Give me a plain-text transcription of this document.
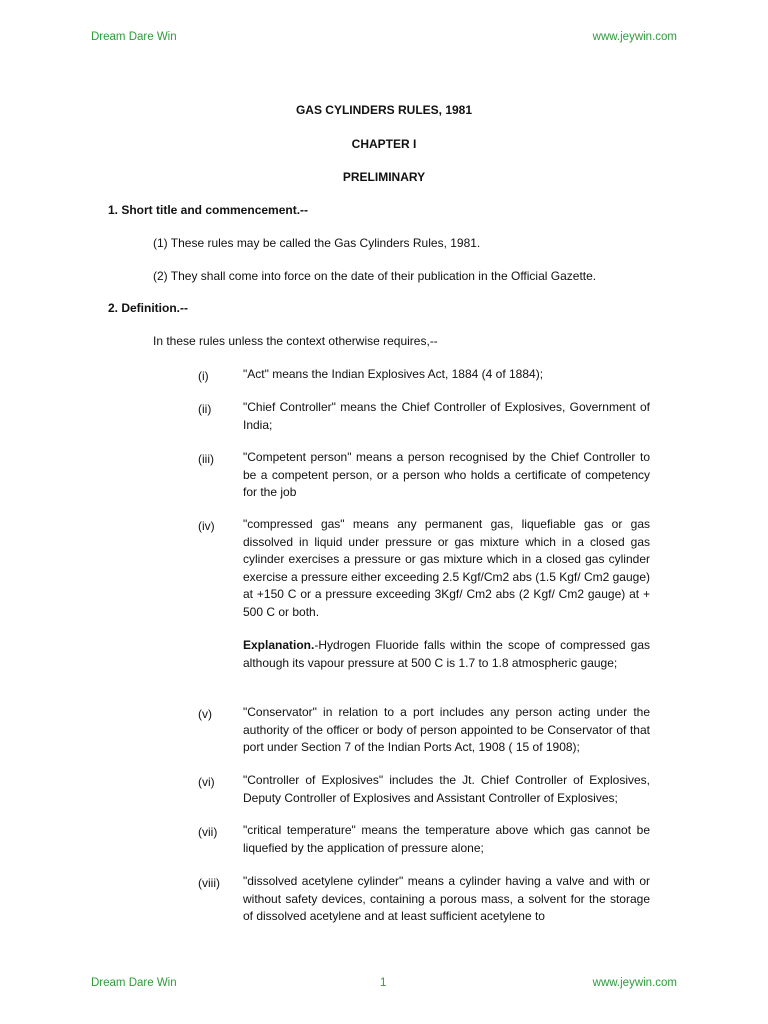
Dream Dare Win	www.jeywin.com
GAS CYLINDERS RULES, 1981
CHAPTER I
PRELIMINARY
1. Short title and commencement.--
(1) These rules may be called the Gas Cylinders Rules, 1981.
(2) They shall come into force on the date of their publication in the Official Gazette.
2. Definition.--
In these rules unless the context otherwise requires,--
(i)	"Act" means the Indian Explosives Act, 1884 (4 of 1884);
(ii)	"Chief Controller" means the Chief Controller of Explosives, Government of India;
(iii) "Competent person" means a person recognised by the Chief Controller to be a competent person, or a person who holds a certificate of competency for the job
(iv) "compressed gas" means any permanent gas, liquefiable gas or gas dissolved in liquid under pressure or gas mixture which in a closed gas cylinder exercises a pressure or gas mixture which in a closed gas cylinder exercise a pressure either exceeding 2.5 Kgf/Cm2 abs (1.5 Kgf/ Cm2 gauge) at +150 C or a pressure exceeding 3Kgf/ Cm2 abs (2 Kgf/ Cm2 gauge) at + 500 C or both.
Explanation.-Hydrogen Fluoride falls within the scope of compressed gas although its vapour pressure at 500 C is 1.7 to 1.8 atmospheric gauge;
(v)	"Conservator" in relation to a port includes any person acting under the authority of the officer or body of person appointed to be Conservator of that port under Section 7 of the Indian Ports Act, 1908 ( 15 of 1908);
(vi) "Controller of Explosives" includes the Jt. Chief Controller of Explosives, Deputy Controller of Explosives and Assistant Controller of Explosives;
(vii) "critical temperature" means the temperature above which gas cannot be liquefied by the application of pressure alone;
(viii) "dissolved acetylene cylinder" means a cylinder having a valve and with or without safety devices, containing a porous mass, a solvent for the storage of dissolved acetylene and at least sufficient acetylene to
Dream Dare Win	1	www.jeywin.com
